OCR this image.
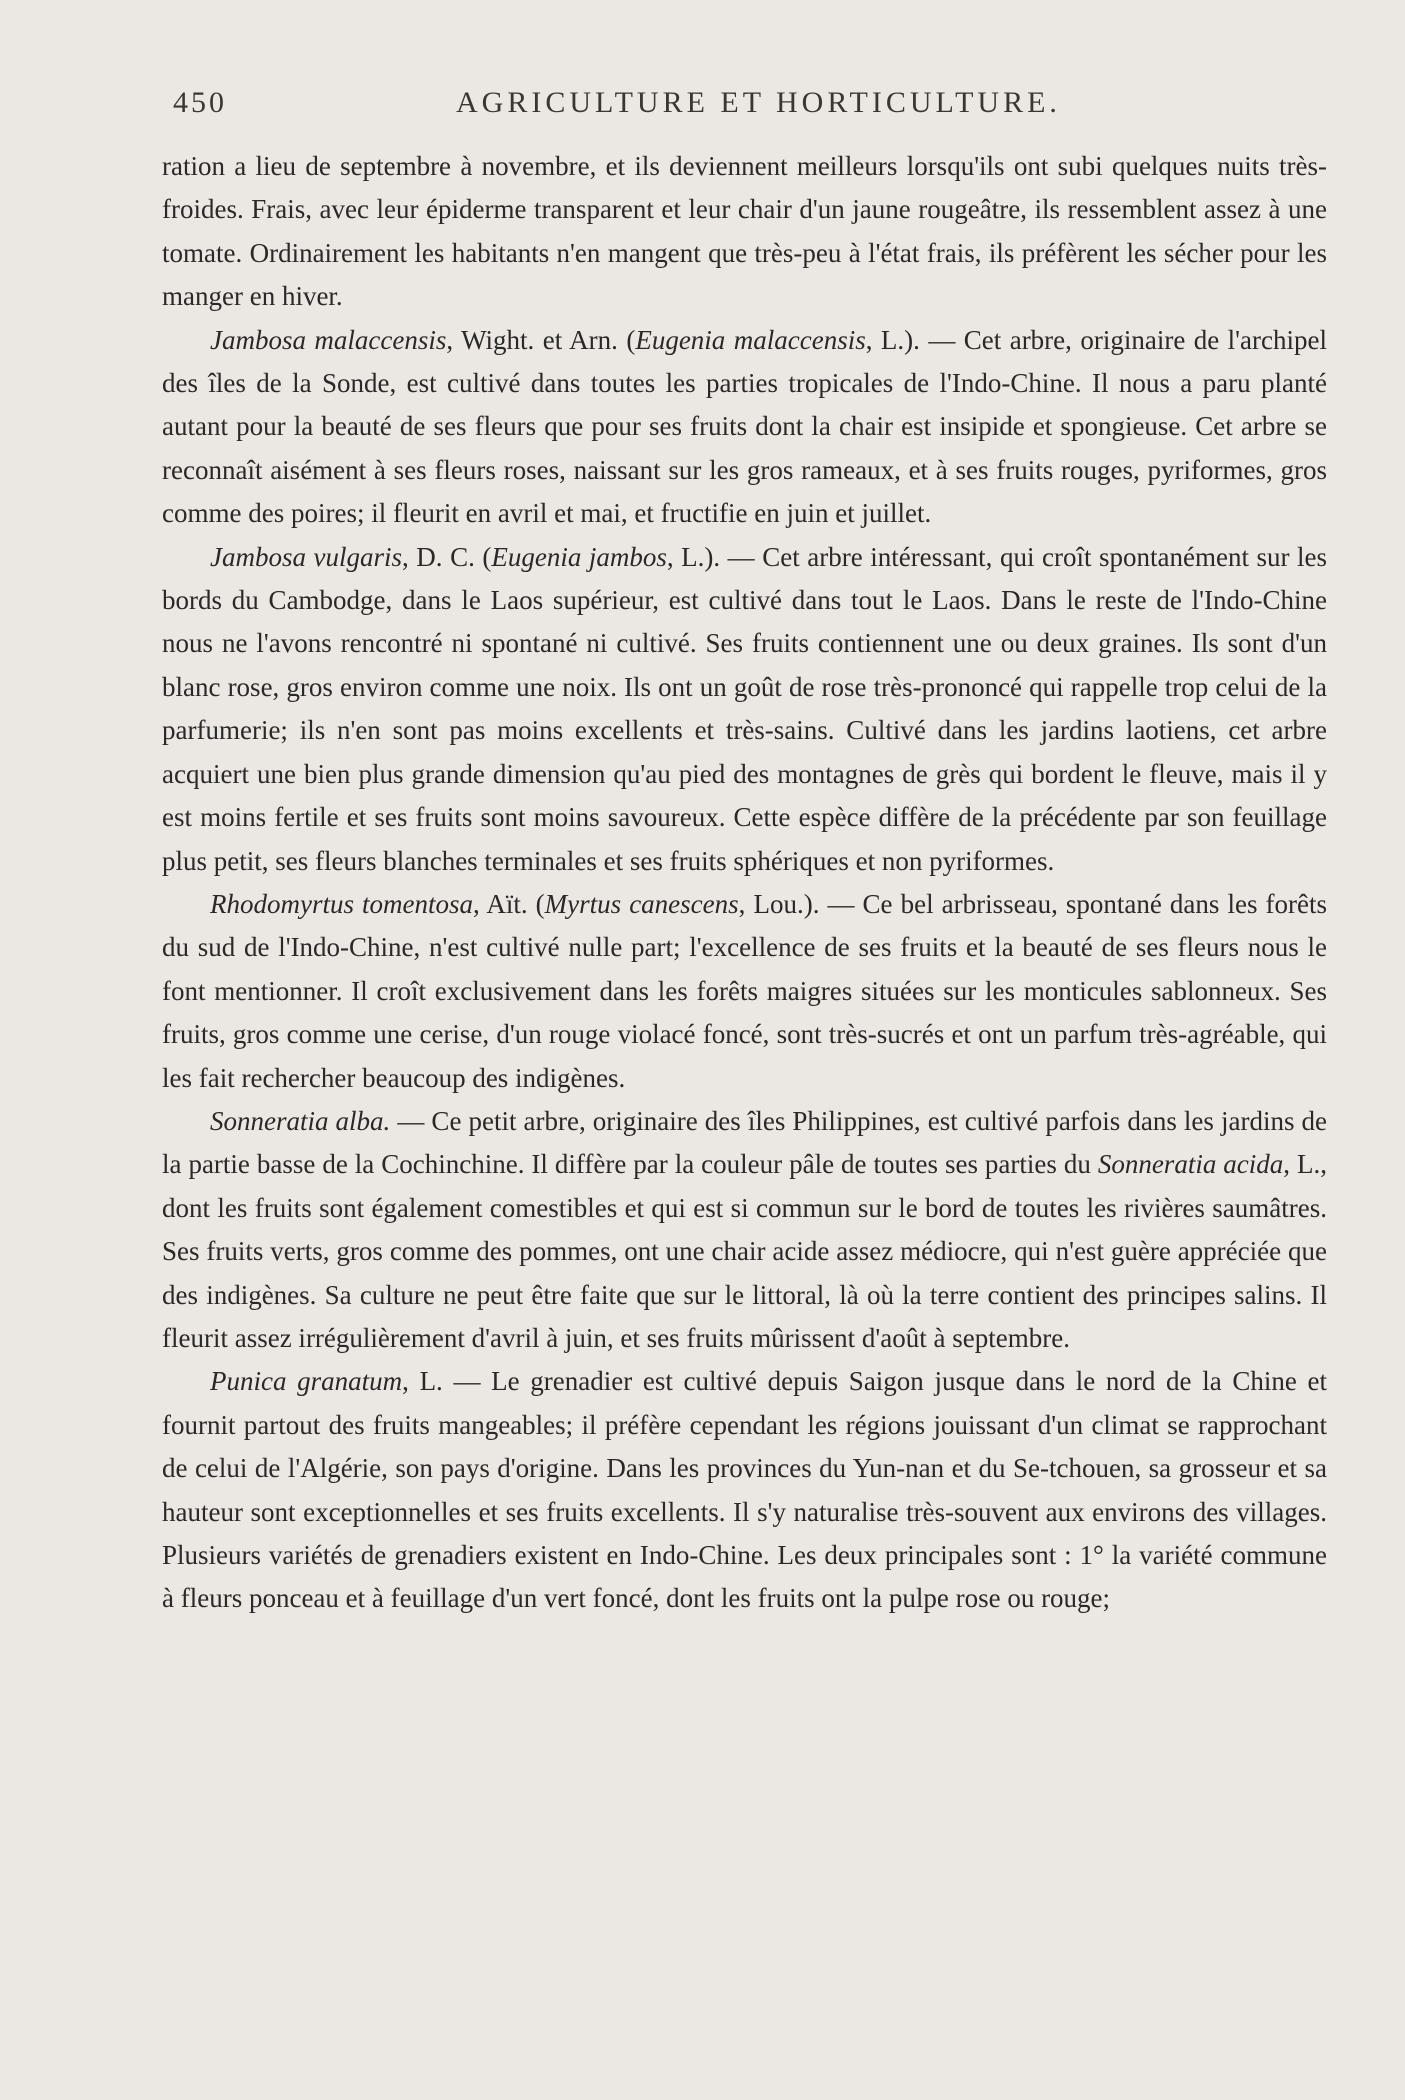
450	AGRICULTURE ET HORTICULTURE.

ration a lieu de septembre à novembre, et ils deviennent meilleurs lorsqu'ils ont subi quelques nuits très-froides. Frais, avec leur épiderme transparent et leur chair d'un jaune rougeâtre, ils ressemblent assez à une tomate. Ordinairement les habitants n'en mangent que très-peu à l'état frais, ils préfèrent les sécher pour les manger en hiver.

Jambosa malaccensis, Wight. et Arn. (Eugenia malaccensis, L.). — Cet arbre, originaire de l'archipel des îles de la Sonde, est cultivé dans toutes les parties tropicales de l'Indo-Chine. Il nous a paru planté autant pour la beauté de ses fleurs que pour ses fruits dont la chair est insipide et spongieuse. Cet arbre se reconnaît aisément à ses fleurs roses, naissant sur les gros rameaux, et à ses fruits rouges, pyriformes, gros comme des poires; il fleurit en avril et mai, et fructifie en juin et juillet.

Jambosa vulgaris, D. C. (Eugenia jambos, L.). — Cet arbre intéressant, qui croît spontanément sur les bords du Cambodge, dans le Laos supérieur, est cultivé dans tout le Laos. Dans le reste de l'Indo-Chine nous ne l'avons rencontré ni spontané ni cultivé. Ses fruits contiennent une ou deux graines. Ils sont d'un blanc rose, gros environ comme une noix. Ils ont un goût de rose très-prononcé qui rappelle trop celui de la parfumerie; ils n'en sont pas moins excellents et très-sains. Cultivé dans les jardins laotiens, cet arbre acquiert une bien plus grande dimension qu'au pied des montagnes de grès qui bordent le fleuve, mais il y est moins fertile et ses fruits sont moins savoureux. Cette espèce diffère de la précédente par son feuillage plus petit, ses fleurs blanches terminales et ses fruits sphériques et non pyriformes.

Rhodomyrtus tomentosa, Aït. (Myrtus canescens, Lou.). — Ce bel arbrisseau, spontané dans les forêts du sud de l'Indo-Chine, n'est cultivé nulle part; l'excellence de ses fruits et la beauté de ses fleurs nous le font mentionner. Il croît exclusivement dans les forêts maigres situées sur les monticules sablonneux. Ses fruits, gros comme une cerise, d'un rouge violacé foncé, sont très-sucrés et ont un parfum très-agréable, qui les fait rechercher beaucoup des indigènes.

Sonneratia alba. — Ce petit arbre, originaire des îles Philippines, est cultivé parfois dans les jardins de la partie basse de la Cochinchine. Il diffère par la couleur pâle de toutes ses parties du Sonneratia acida, L., dont les fruits sont également comestibles et qui est si commun sur le bord de toutes les rivières saumâtres. Ses fruits verts, gros comme des pommes, ont une chair acide assez médiocre, qui n'est guère appréciée que des indigènes. Sa culture ne peut être faite que sur le littoral, là où la terre contient des principes salins. Il fleurit assez irrégulièrement d'avril à juin, et ses fruits mûrissent d'août à septembre.

Punica granatum, L. — Le grenadier est cultivé depuis Saigon jusque dans le nord de la Chine et fournit partout des fruits mangeables; il préfère cependant les régions jouissant d'un climat se rapprochant de celui de l'Algérie, son pays d'origine. Dans les provinces du Yun-nan et du Se-tchouen, sa grosseur et sa hauteur sont exceptionnelles et ses fruits excellents. Il s'y naturalise très-souvent aux environs des villages. Plusieurs variétés de grenadiers existent en Indo-Chine. Les deux principales sont : 1° la variété commune à fleurs ponceau et à feuillage d'un vert foncé, dont les fruits ont la pulpe rose ou rouge;
